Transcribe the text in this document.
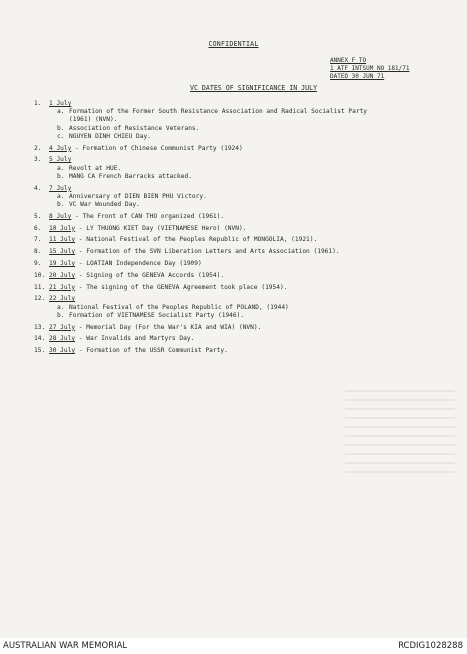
CONFIDENTIAL
ANNEX F TO
1 ATF INTSUM NO 181/71
DATED 30 JUN 71
VC DATES OF SIGNIFICANCE IN JULY
1.	1 July
a. Formation of the Former South Resistance Association and Radical Socialist Party
(1961) (NVN).
b. Association of Resistance Veterans.
c. NGUYEN DINH CHIEU Day.
2.	4 July - Formation of Chinese Communist Party (1924)
3.	5 July
a. Revolt at HUE.
b. MANG CA French Barracks attacked.
4.	7 July
a. Anniversary of DIEN BIEN PHU Victory.
b. VC War Wounded Day.
5.	8 July - The Front of CAN THO organized (1961).
6.	10 July - LY THUONG KIET Day (VIETNAMESE Hero) (NVN).
7.	11 July - National Festival of the Peoples Republic of MONGOLIA, (1921).
8.	15 July - Formation of the SVN Liberation Letters and Arts Association (1961).
9.	19 July - LOATIAN Independence Day (1909)
10. 20 July - Signing of the GENEVA Accords (1954).
11. 21 July - The signing of the GENEVA Agreement took place (1954).
12. 22 July
a. National Festival of the Peoples Republic of POLAND, (1944)
b. Formation of VIETNAMESE Socialist Party (1946).
13. 27 July - Memorial Day (For the War's KIA and WIA) (NVN).
14. 28 July - War Invalids and Martyrs Day.
15. 30 July - Formation of the USSR Communist Party.
AUSTRALIAN WAR MEMORIAL	RCDIG1028288
